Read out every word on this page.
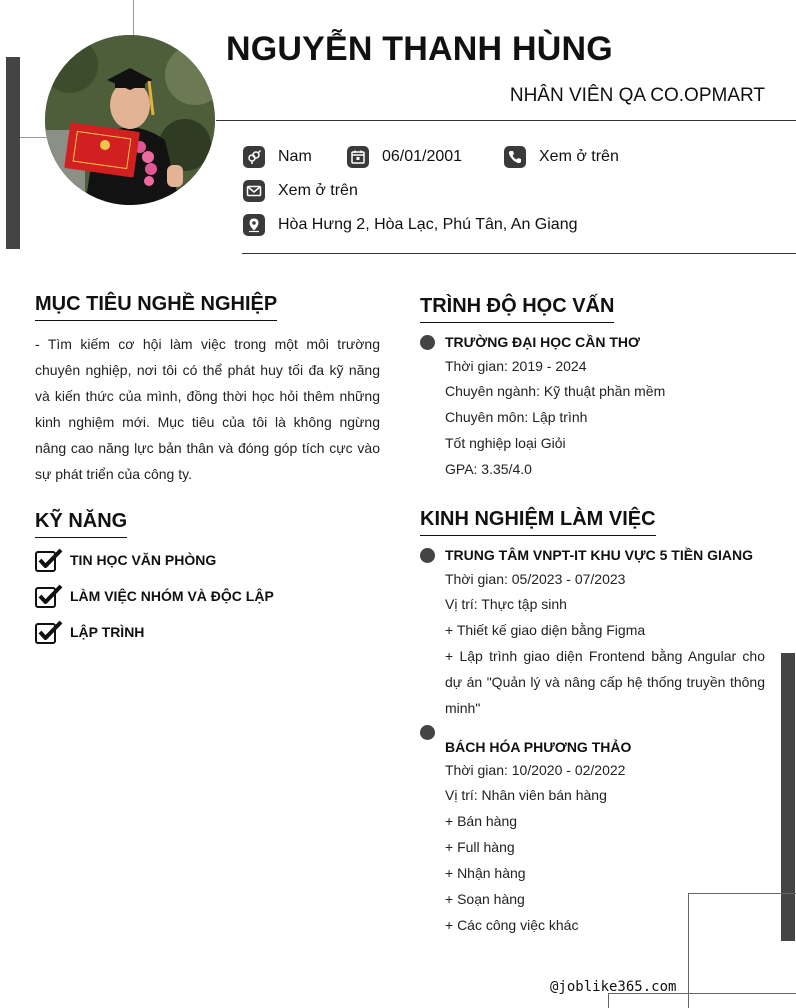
NGUYỄN THANH HÙNG
NHÂN VIÊN QA CO.OPMART
Nam	06/01/2001	Xem ở trên
Xem ở trên
Hòa Hưng 2, Hòa Lạc, Phú Tân, An Giang
MỤC TIÊU NGHỀ NGHIỆP
- Tìm kiếm cơ hội làm việc trong một môi trường chuyên nghiệp, nơi tôi có thể phát huy tối đa kỹ năng và kiến thức của mình, đồng thời học hỏi thêm những kinh nghiệm mới. Mục tiêu của tôi là không ngừng nâng cao năng lực bản thân và đóng góp tích cực vào sự phát triển của công ty.
KỸ NĂNG
TIN HỌC VĂN PHÒNG
LÀM VIỆC NHÓM VÀ ĐỘC LẬP
LẬP TRÌNH
TRÌNH ĐỘ HỌC VẤN
TRƯỜNG ĐẠI HỌC CẦN THƠ
Thời gian: 2019 - 2024
Chuyên ngành: Kỹ thuật phần mềm
Chuyên môn: Lập trình
Tốt nghiệp loại Giỏi
GPA: 3.35/4.0
KINH NGHIỆM LÀM VIỆC
TRUNG TÂM VNPT-IT KHU VỰC 5 TIỀN GIANG
Thời gian: 05/2023 - 07/2023
Vị trí: Thực tập sinh
+ Thiết kế giao diện bằng Figma
+ Lập trình giao diện Frontend bằng Angular cho dự án "Quản lý và nâng cấp hệ thống truyền thông minh"
BÁCH HÓA PHƯƠNG THẢO
Thời gian: 10/2020 - 02/2022
Vị trí: Nhân viên bán hàng
+ Bán hàng
+ Full hàng
+ Nhận hàng
+ Soạn hàng
+ Các công việc khác
@joblike365.com
